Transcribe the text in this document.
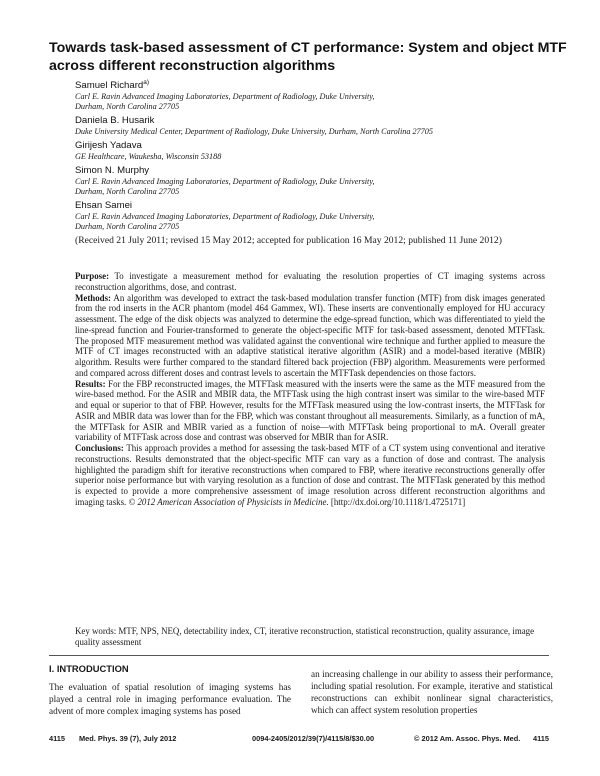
Towards task-based assessment of CT performance: System and object MTF across different reconstruction algorithms
Samuel Richard$^{a)}$
Carl E. Ravin Advanced Imaging Laboratories, Department of Radiology, Duke University,
Durham, North Carolina 27705
Daniela B. Husarik
Duke University Medical Center, Department of Radiology, Duke University, Durham, North Carolina 27705
Girijesh Yadava
GE Healthcare, Waukesha, Wisconsin 53188
Simon N. Murphy
Carl E. Ravin Advanced Imaging Laboratories, Department of Radiology, Duke University,
Durham, North Carolina 27705
Ehsan Samei
Carl E. Ravin Advanced Imaging Laboratories, Department of Radiology, Duke University,
Durham, North Carolina 27705
(Received 21 July 2011; revised 15 May 2012; accepted for publication 16 May 2012; published 11 June 2012)

Purpose: To investigate a measurement method for evaluating the resolution properties of CT imaging systems across reconstruction algorithms, dose, and contrast.

Methods: An algorithm was developed to extract the task-based modulation transfer function (MTF) from disk images generated from the rod inserts in the ACR phantom (model 464 Gammex, WI). These inserts are conventionally employed for HU accuracy assessment. The edge of the disk objects was analyzed to determine the edge-spread function, which was differentiated to yield the line-spread function and Fourier-transformed to generate the object-specific MTF for task-based assessment, denoted MTFTask. The proposed MTF measurement method was validated against the conventional wire technique and further applied to measure the MTF of CT images reconstructed with an adaptive statistical iterative algorithm (ASIR) and a model-based iterative (MBIR) algorithm. Results were further compared to the standard filtered back projection (FBP) algorithm. Measurements were performed and compared across different doses and contrast levels to ascertain the MTFTask dependencies on those factors.

Results: For the FBP reconstructed images, the MTFTask measured with the inserts were the same as the MTF measured from the wire-based method. For the ASIR and MBIR data, the MTFTask using the high contrast insert was similar to the wire-based MTF and equal or superior to that of FBP. However, results for the MTFTask measured using the low-contrast inserts, the MTFTask for ASIR and MBIR data was lower than for the FBP, which was constant throughout all measurements. Similarly, as a function of mA, the MTFTask for ASIR and MBIR varied as a function of noise—with MTFTask being proportional to mA. Overall greater variability of MTFTask across dose and contrast was observed for MBIR than for ASIR.

Conclusions: This approach provides a method for assessing the task-based MTF of a CT system using conventional and iterative reconstructions. Results demonstrated that the object-specific MTF can vary as a function of dose and contrast. The analysis highlighted the paradigm shift for iterative reconstructions when compared to FBP, where iterative reconstructions generally offer superior noise performance but with varying resolution as a function of dose and contrast. The MTFTask generated by this method is expected to provide a more comprehensive assessment of image resolution across different reconstruction algorithms and imaging tasks. © 2012 American Association of Physicists in Medicine. [http://dx.doi.org/10.1118/1.4725171]

Key words: MTF, NPS, NEQ, detectability index, CT, iterative reconstruction, statistical reconstruction, quality assurance, image quality assessment
I. INTRODUCTION

The evaluation of spatial resolution of imaging systems has played a central role in imaging performance evaluation. The advent of more complex imaging systems has posed

an increasing challenge in our ability to assess their performance, including spatial resolution. For example, iterative and statistical reconstructions can exhibit nonlinear signal characteristics, which can affect system resolution properties

4115 Med. Phys. 39 (7), July 2012	0094-2405/2012/39(7)/4115/8/$30.00	© 2012 Am. Assoc. Phys. Med. 4115
